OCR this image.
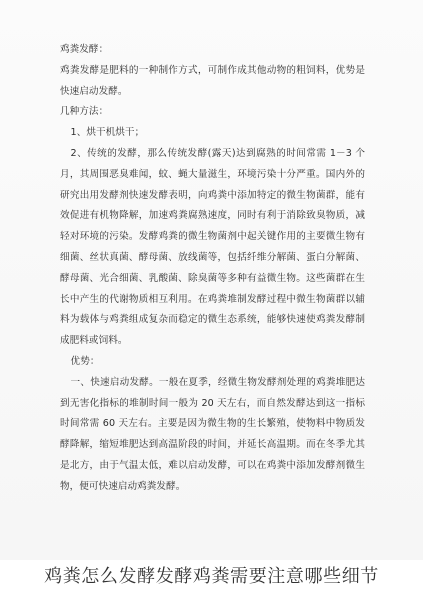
鸡粪发酵：

鸡粪发酵是肥料的一种制作方式，可制作成其他动物的粗饲料，优势是快速启动发酵。

几种方法：

1、烘干机烘干；

2、传统的发酵，那么传统发酵(露天)达到腐熟的时间常需 1－3 个月，其周围恶臭难闻，蚊、蝇大量滋生，环境污染十分严重。国内外的研究出用发酵剂快速发酵表明，向鸡粪中添加特定的微生物菌群，能有效促进有机物降解，加速鸡粪腐熟速度，同时有利于消除致臭物质，减轻对环境的污染。发酵鸡粪的微生物菌剂中起关键作用的主要微生物有细菌、丝状真菌、酵母菌、放线菌等，包括纤维分解菌、蛋白分解菌、酵母菌、光合细菌、乳酸菌、除臭菌等多种有益微生物。这些菌群在生长中产生的代谢物质相互利用。在鸡粪堆制发酵过程中微生物菌群以辅料为载体与鸡粪组成复杂而稳定的微生态系统，能够快速使鸡粪发酵制成肥料或饲料。

优势：

一、快速启动发酵。一般在夏季，经微生物发酵剂处理的鸡粪堆肥达到无害化指标的堆制时间一般为 20 天左右，而自然发酵达到这一指标时间常需 60 天左右。主要是因为微生物的生长繁殖，使物料中物质发酵降解，缩短堆肥达到高温阶段的时间，并延长高温期。而在冬季尤其是北方，由于气温太低，难以启动发酵，可以在鸡粪中添加发酵剂微生物，便可快速启动鸡粪发酵。

鸡粪怎么发酵发酵鸡粪需要注意哪些细节
